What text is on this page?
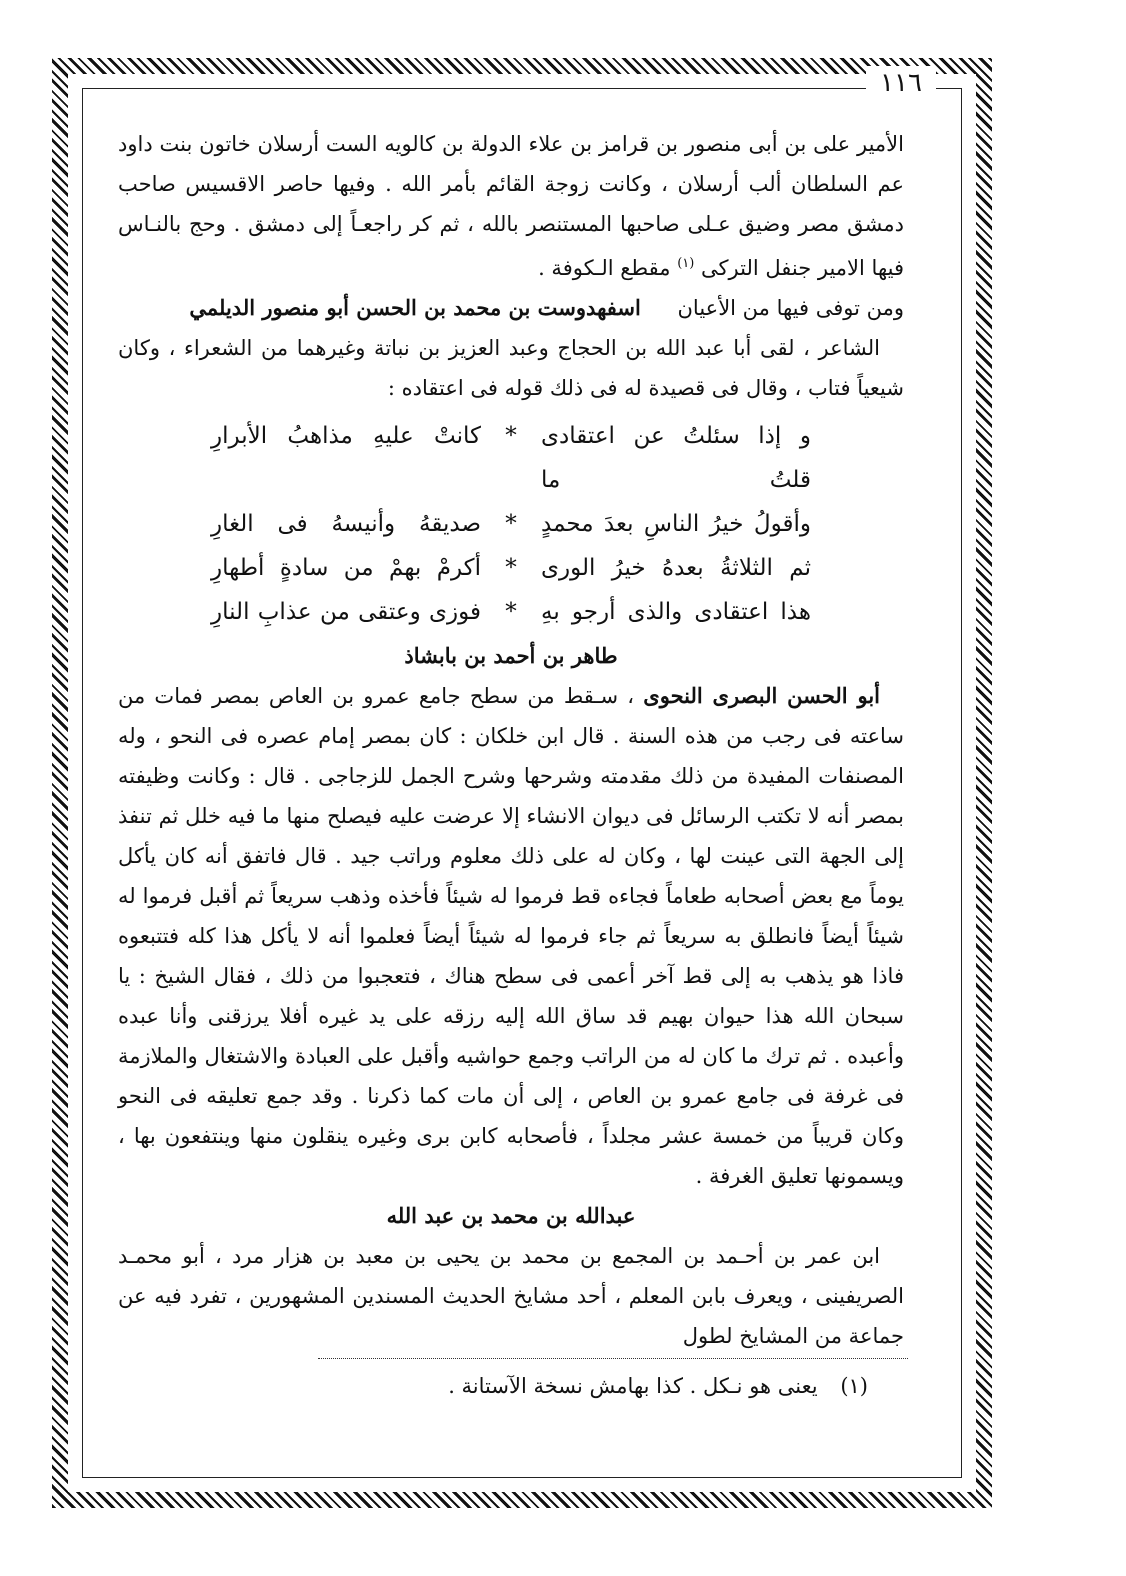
١١٦

الأمير على بن أبى منصور بن قرامز بن علاء الدولة بن كالويه الست أرسلان خاتون بنت داود عم السلطان ألب أرسلان ، وكانت زوجة القائم بأمر الله . وفيها حاصر الاقسيس صاحب دمشق مصر وضيق عـلى صاحبها المستنصر بالله ، ثم كر راجعـاً إلى دمشق . وحج بالنـاس فيها الامير جنفل التركى $^{(١)}$ مقطع الـكوفة .

ومن توفى فيها من الأعيان اسفهدوست بن محمد بن الحسن أبو منصور الديلمي

الشاعر ، لقى أبا عبد الله بن الحجاج وعبد العزيز بن نباتة وغيرهما من الشعراء ، وكان شيعياً فتاب ، وقال فى قصيدة له فى ذلك قوله فى اعتقاده :

و إذا سئلتُ عن اعتقادى قلتُ ما
*
كانتْ عليهِ مذاهبُ الأبرارِ
وأقولُ خيرُ الناسِ بعدَ محمدٍ
*
صديقهُ وأنيسهُ فى الغارِ
ثم الثلاثةُ بعدهُ خيرُ الورى
*
أكرمْ بهمْ من سادةٍ أطهارِ
هذا اعتقادى والذى أرجو بهِ
*
فوزى وعتقى من عذابِ النارِ

طاهر بن أحمد بن بابشاذ

أبو الحسن البصرى النحوى ، سـقط من سطح جامع عمرو بن العاص بمصر فمات من ساعته فى رجب من هذه السنة . قال ابن خلكان : كان بمصر إمام عصره فى النحو ، وله المصنفات المفيدة من ذلك مقدمته وشرحها وشرح الجمل للزجاجى . قال : وكانت وظيفته بمصر أنه لا تكتب الرسائل فى ديوان الانشاء إلا عرضت عليه فيصلح منها ما فيه خلل ثم تنفذ إلى الجهة التى عينت لها ، وكان له على ذلك معلوم وراتب جيد . قال فاتفق أنه كان يأكل يوماً مع بعض أصحابه طعاماً فجاءه قط فرموا له شيئاً فأخذه وذهب سريعاً ثم أقبل فرموا له شيئاً أيضاً فانطلق به سريعاً ثم جاء فرموا له شيئاً أيضاً فعلموا أنه لا يأكل هذا كله فتتبعوه فاذا هو يذهب به إلى قط آخر أعمى فى سطح هناك ، فتعجبوا من ذلك ، فقال الشيخ : يا سبحان الله هذا حيوان بهيم قد ساق الله إليه رزقه على يد غيره أفلا يرزقنى وأنا عبده وأعبده . ثم ترك ما كان له من الراتب وجمع حواشيه وأقبل على العبادة والاشتغال والملازمة فى غرفة فى جامع عمرو بن العاص ، إلى أن مات كما ذكرنا . وقد جمع تعليقه فى النحو وكان قريباً من خمسة عشر مجلداً ، فأصحابه كابن برى وغيره ينقلون منها وينتفعون بها ، ويسمونها تعليق الغرفة .

عبدالله بن محمد بن عبد الله

ابن عمر بن أحـمد بن المجمع بن محمد بن يحيى بن معبد بن هزار مرد ، أبو محمـد الصريفينى ، ويعرف بابن المعلم ، أحد مشايخ الحديث المسندين المشهورين ، تفرد فيه عن جماعة من المشايخ لطول

(١) يعنى هو نـكل . كذا بهامش نسخة الآستانة .
